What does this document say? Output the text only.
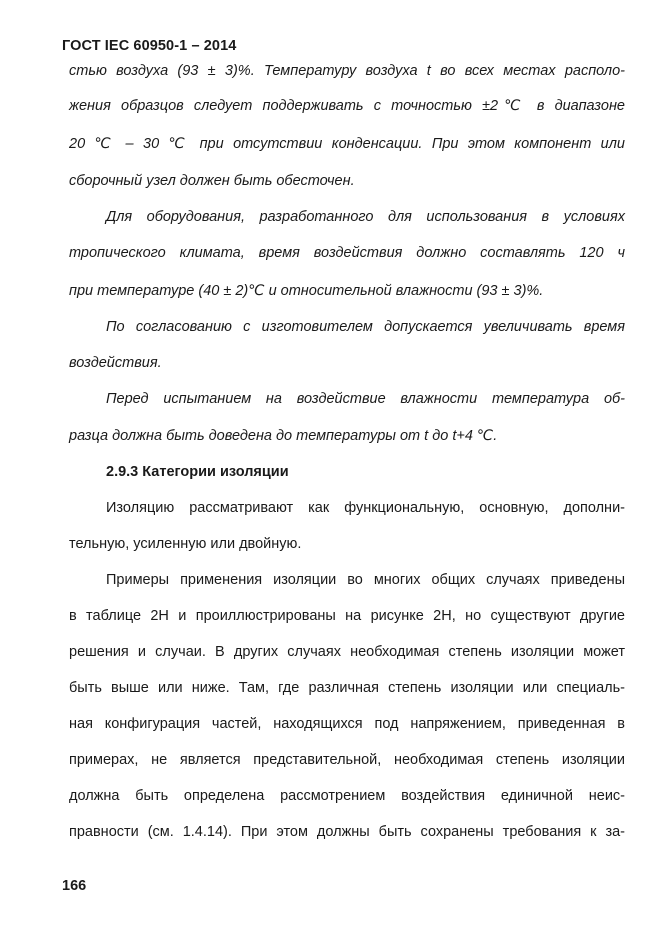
ГОСТ IEC 60950-1 – 2014
стью воздуха (93 ± 3)%. Температуру воздуха t во всех местах располо-
жения образцов следует поддерживать с точностью ±2℃ в диапазоне
20 ℃ – 30 ℃ при отсутствии конденсации. При этом компонент или
сборочный узел должен быть обесточен.
Для оборудования, разработанного для использования в условиях
тропического климата, время воздействия должно составлять 120 ч
при температуре (40 ± 2)℃ и относительной влажности (93 ± 3)%.
По согласованию с изготовителем допускается увеличивать время
воздействия.
Перед испытанием на воздействие влажности температура об-
разца должна быть доведена до температуры от t до t+4 ℃.
2.9.3 Категории изоляции
Изоляцию рассматривают как функциональную, основную, дополни-
тельную, усиленную или двойную.
Примеры применения изоляции во многих общих случаях приведены
в таблице 2H и проиллюстрированы на рисунке 2H, но существуют другие
решения и случаи. В других случаях необходимая степень изоляции может
быть выше или ниже. Там, где различная степень изоляции или специаль-
ная конфигурация частей, находящихся под напряжением, приведенная в
примерах, не является представительной, необходимая степень изоляции
должна быть определена рассмотрением воздействия единичной неис-
правности (см. 1.4.14). При этом должны быть сохранены требования к за-
166
